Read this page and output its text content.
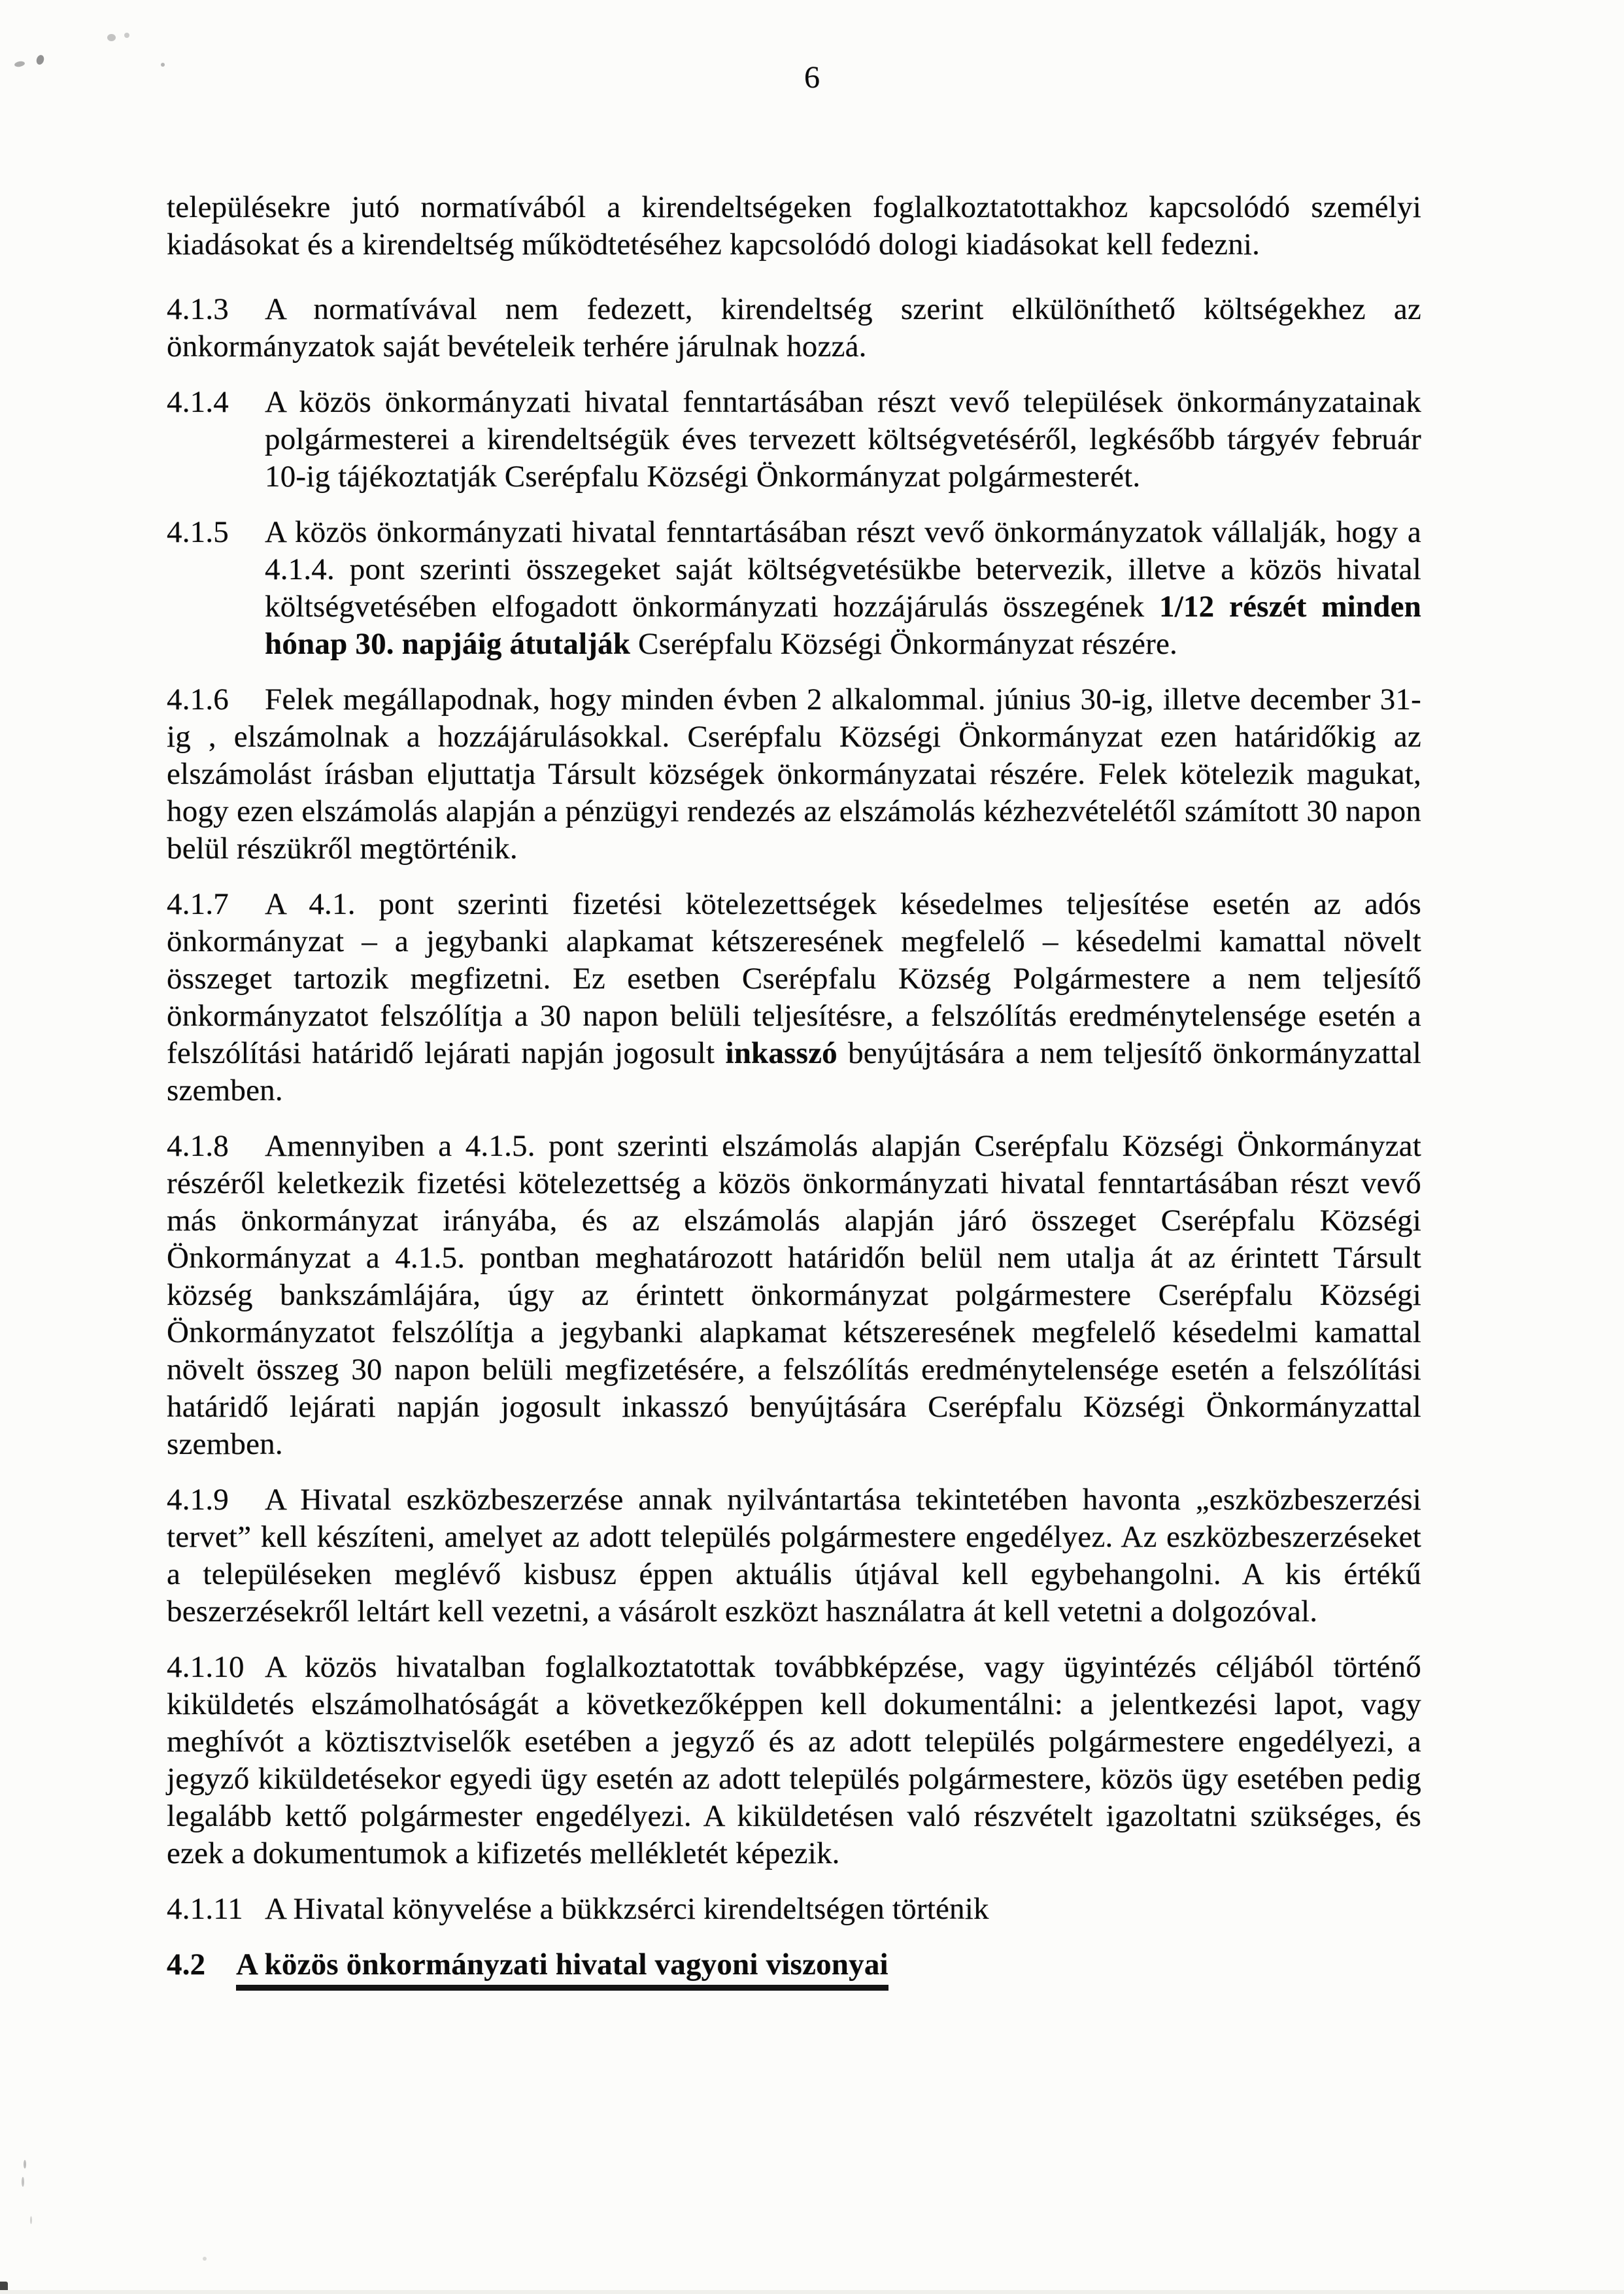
6

településekre jutó normatívából a kirendeltségeken foglalkoztatottakhoz kapcsolódó személyi kiadásokat és a kirendeltség működtetéséhez kapcsolódó dologi kiadásokat kell fedezni.

4.1.3 A normatívával nem fedezett, kirendeltség szerint elkülöníthető költségekhez az önkormányzatok saját bevételeik terhére járulnak hozzá.

4.1.4 A közös önkormányzati hivatal fenntartásában részt vevő települések önkormányzatainak polgármesterei a kirendeltségük éves tervezett költségvetéséről, legkésőbb tárgyév február 10-ig tájékoztatják Cserépfalu Községi Önkormányzat polgármesterét.

4.1.5 A közös önkormányzati hivatal fenntartásában részt vevő önkormányzatok vállalják, hogy a 4.1.4. pont szerinti összegeket saját költségvetésükbe betervezik, illetve a közös hivatal költségvetésében elfogadott önkormányzati hozzájárulás összegének 1/12 részét minden hónap 30. napjáig átutalják Cserépfalu Községi Önkormányzat részére.

4.1.6 Felek megállapodnak, hogy minden évben 2 alkalommal. június 30-ig, illetve december 31-ig , elszámolnak a hozzájárulásokkal. Cserépfalu Községi Önkormányzat ezen határidőkig az elszámolást írásban eljuttatja Társult községek önkormányzatai részére. Felek kötelezik magukat, hogy ezen elszámolás alapján a pénzügyi rendezés az elszámolás kézhezvételétől számított 30 napon belül részükről megtörténik.

4.1.7 A 4.1. pont szerinti fizetési kötelezettségek késedelmes teljesítése esetén az adós önkormányzat – a jegybanki alapkamat kétszeresének megfelelő – késedelmi kamattal növelt összeget tartozik megfizetni. Ez esetben Cserépfalu Község Polgármestere a nem teljesítő önkormányzatot felszólítja a 30 napon belüli teljesítésre, a felszólítás eredménytelensége esetén a felszólítási határidő lejárati napján jogosult inkasszó benyújtására a nem teljesítő önkormányzattal szemben.

4.1.8 Amennyiben a 4.1.5. pont szerinti elszámolás alapján Cserépfalu Községi Önkormányzat részéről keletkezik fizetési kötelezettség a közös önkormányzati hivatal fenntartásában részt vevő más önkormányzat irányába, és az elszámolás alapján járó összeget Cserépfalu Községi Önkormányzat a 4.1.5. pontban meghatározott határidőn belül nem utalja át az érintett Társult község bankszámlájára, úgy az érintett önkormányzat polgármestere Cserépfalu Községi Önkormányzatot felszólítja a jegybanki alapkamat kétszeresének megfelelő késedelmi kamattal növelt összeg 30 napon belüli megfizetésére, a felszólítás eredménytelensége esetén a felszólítási határidő lejárati napján jogosult inkasszó benyújtására Cserépfalu Községi Önkormányzattal szemben.

4.1.9 A Hivatal eszközbeszerzése annak nyilvántartása tekintetében havonta „eszközbeszerzési tervet” kell készíteni, amelyet az adott település polgármestere engedélyez. Az eszközbeszerzéseket a településeken meglévő kisbusz éppen aktuális útjával kell egybehangolni. A kis értékű beszerzésekről leltárt kell vezetni, a vásárolt eszközt használatra át kell vetetni a dolgozóval.

4.1.10 A közös hivatalban foglalkoztatottak továbbképzése, vagy ügyintézés céljából történő kiküldetés elszámolhatóságát a következőképpen kell dokumentálni: a jelentkezési lapot, vagy meghívót a köztisztviselők esetében a jegyző és az adott település polgármestere engedélyezi, a jegyző kiküldetésekor egyedi ügy esetén az adott település polgármestere, közös ügy esetében pedig legalább kettő polgármester engedélyezi. A kiküldetésen való részvételt igazoltatni szükséges, és ezek a dokumentumok a kifizetés mellékletét képezik.

4.1.11 A Hivatal könyvelése a bükkzsérci kirendeltségen történik

4.2 A közös önkormányzati hivatal vagyoni viszonyai
